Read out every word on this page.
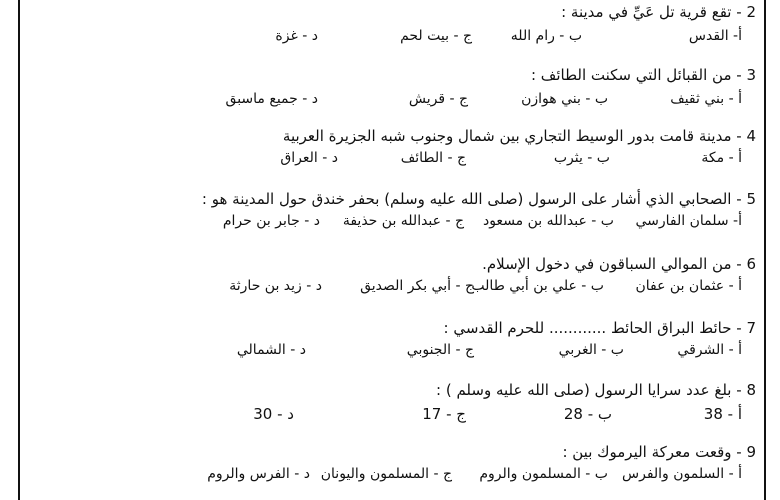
2 - تقع قرية تل عَيِّ في مدينة :
أ- القدس
ب - رام الله
ج - بيت لحم
د - غزة
3 - من القبائل التي سكنت الطائف :
أ - بني ثقيف
ب - بني هوازن
ج - قريش
د - جميع ماسبق
4 - مدينة قامت بدور الوسيط التجاري بين شمال وجنوب شبه الجزيرة العربية
أ - مكة
ب - يثرب
ج - الطائف
د - العراق
5 - الصحابي الذي أشار على الرسول (صلى الله عليه وسلم) بحفر خندق حول المدينة هو :
أ- سلمان الفارسي
ب - عبدالله بن مسعود
ج - عبدالله بن حذيفة
د - جابر بن حرام
6 - من الموالي السباقون في دخول الإسلام.
أ - عثمان بن عفان
ب - علي بن أبي طالب
ج - أبي بكر الصديق
د - زيد بن حارثة
7 - حائط البراق الحائط ............ للحرم القدسي :
أ - الشرقي
ب - الغربي
ج - الجنوبي
د - الشمالي
8 - بلغ عدد سرايا الرسول (صلى الله عليه وسلم ) :
أ - 38
ب - 28
ج - 17
د - 30
9 - وقعت معركة اليرموك بين :
أ - السلمون والفرس
ب - المسلمون والروم
ج - المسلمون واليونان
د - الفرس والروم
